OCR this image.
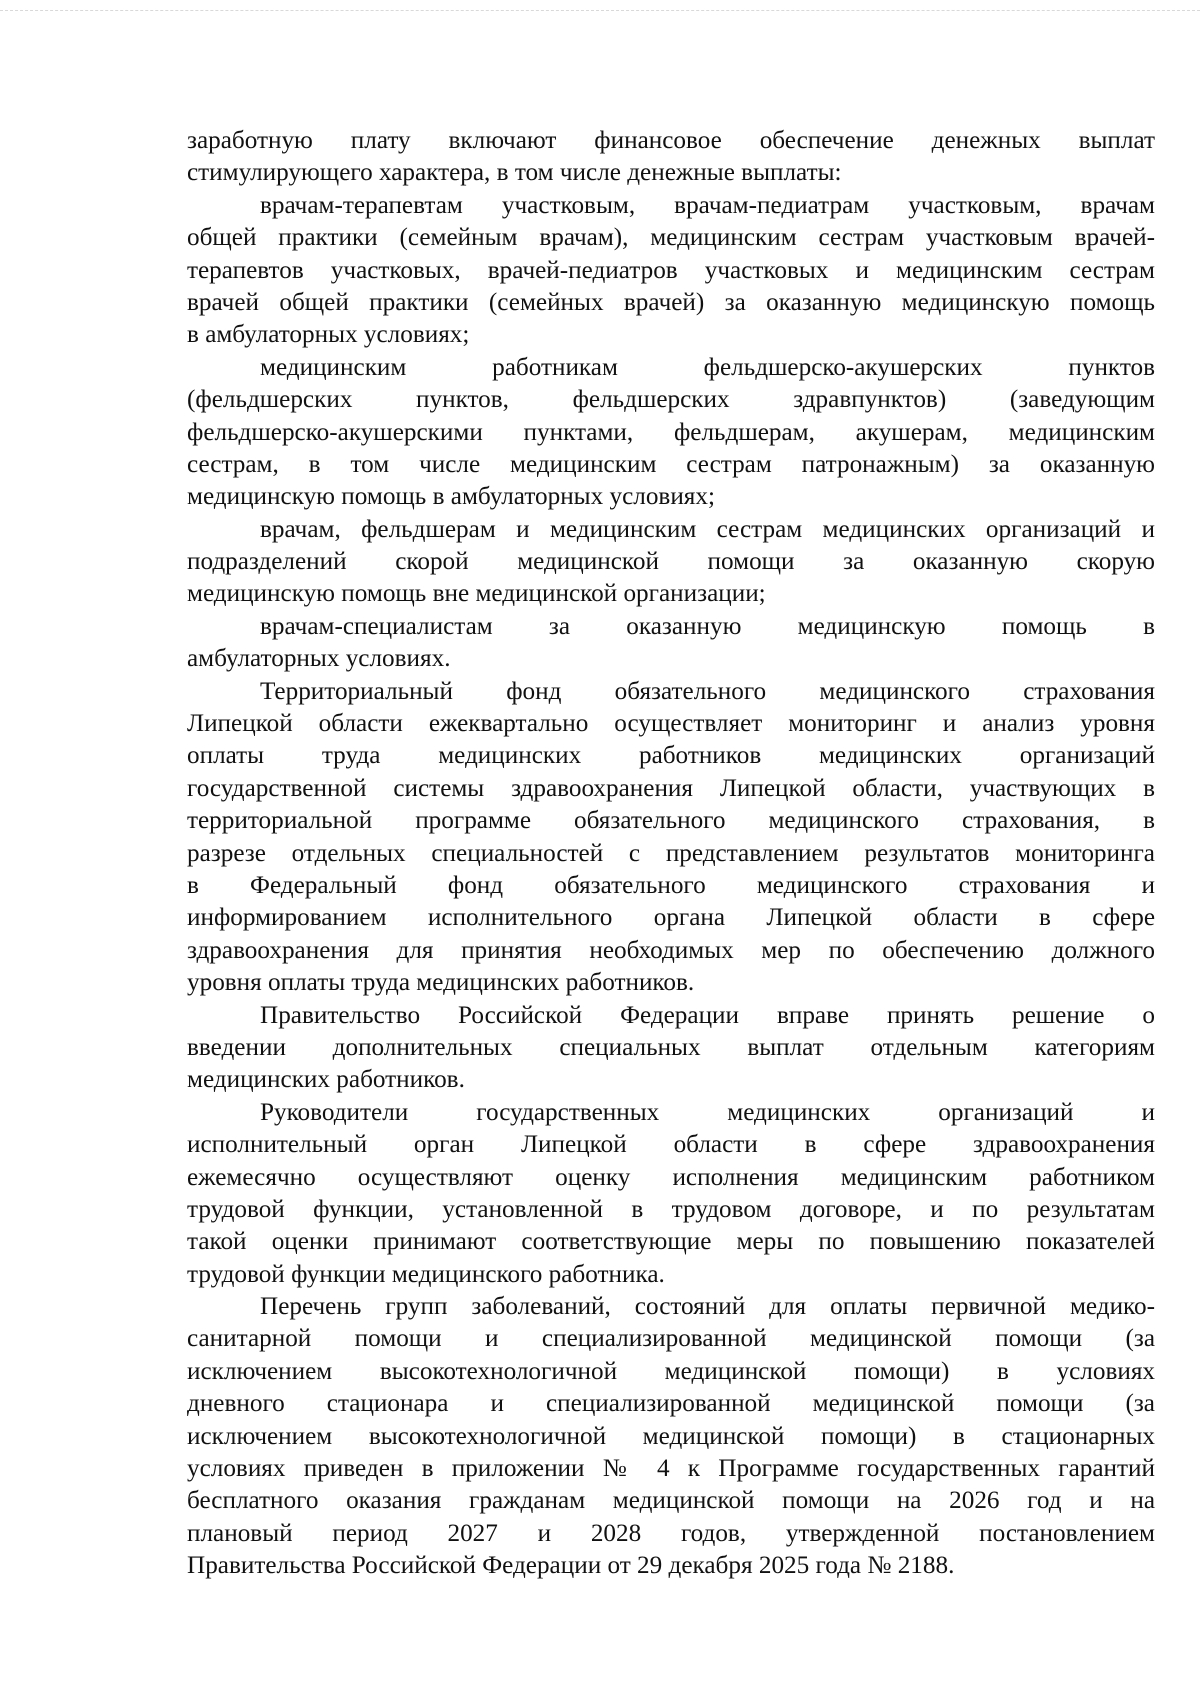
заработную плату включают финансовое обеспечение денежных выплат
стимулирующего характера, в том числе денежные выплаты:
врачам-терапевтам участковым, врачам-педиатрам участковым, врачам
общей практики (семейным врачам), медицинским сестрам участковым врачей-
терапевтов участковых, врачей-педиатров участковых и медицинским сестрам
врачей общей практики (семейных врачей) за оказанную медицинскую помощь
в амбулаторных условиях;
медицинским работникам фельдшерско-акушерских пунктов
(фельдшерских пунктов, фельдшерских здравпунктов) (заведующим
фельдшерско-акушерскими пунктами, фельдшерам, акушерам, медицинским
сестрам, в том числе медицинским сестрам патронажным) за оказанную
медицинскую помощь в амбулаторных условиях;
врачам, фельдшерам и медицинским сестрам медицинских организаций и
подразделений скорой медицинской помощи за оказанную скорую
медицинскую помощь вне медицинской организации;
врачам-специалистам за оказанную медицинскую помощь в
амбулаторных условиях.
Территориальный фонд обязательного медицинского страхования
Липецкой области ежеквартально осуществляет мониторинг и анализ уровня
оплаты труда медицинских работников медицинских организаций
государственной системы здравоохранения Липецкой области, участвующих в
территориальной программе обязательного медицинского страхования, в
разрезе отдельных специальностей с представлением результатов мониторинга
в Федеральный фонд обязательного медицинского страхования и
информированием исполнительного органа Липецкой области в сфере
здравоохранения для принятия необходимых мер по обеспечению должного
уровня оплаты труда медицинских работников.
Правительство Российской Федерации вправе принять решение о
введении дополнительных специальных выплат отдельным категориям
медицинских работников.
Руководители государственных медицинских организаций и
исполнительный орган Липецкой области в сфере здравоохранения
ежемесячно осуществляют оценку исполнения медицинским работником
трудовой функции, установленной в трудовом договоре, и по результатам
такой оценки принимают соответствующие меры по повышению показателей
трудовой функции медицинского работника.
Перечень групп заболеваний, состояний для оплаты первичной медико-
санитарной помощи и специализированной медицинской помощи (за
исключением высокотехнологичной медицинской помощи) в условиях
дневного стационара и специализированной медицинской помощи (за
исключением высокотехнологичной медицинской помощи) в стационарных
условиях приведен в приложении № 4 к Программе государственных гарантий
бесплатного оказания гражданам медицинской помощи на 2026 год и на
плановый период 2027 и 2028 годов, утвержденной постановлением
Правительства Российской Федерации от 29 декабря 2025 года № 2188.
